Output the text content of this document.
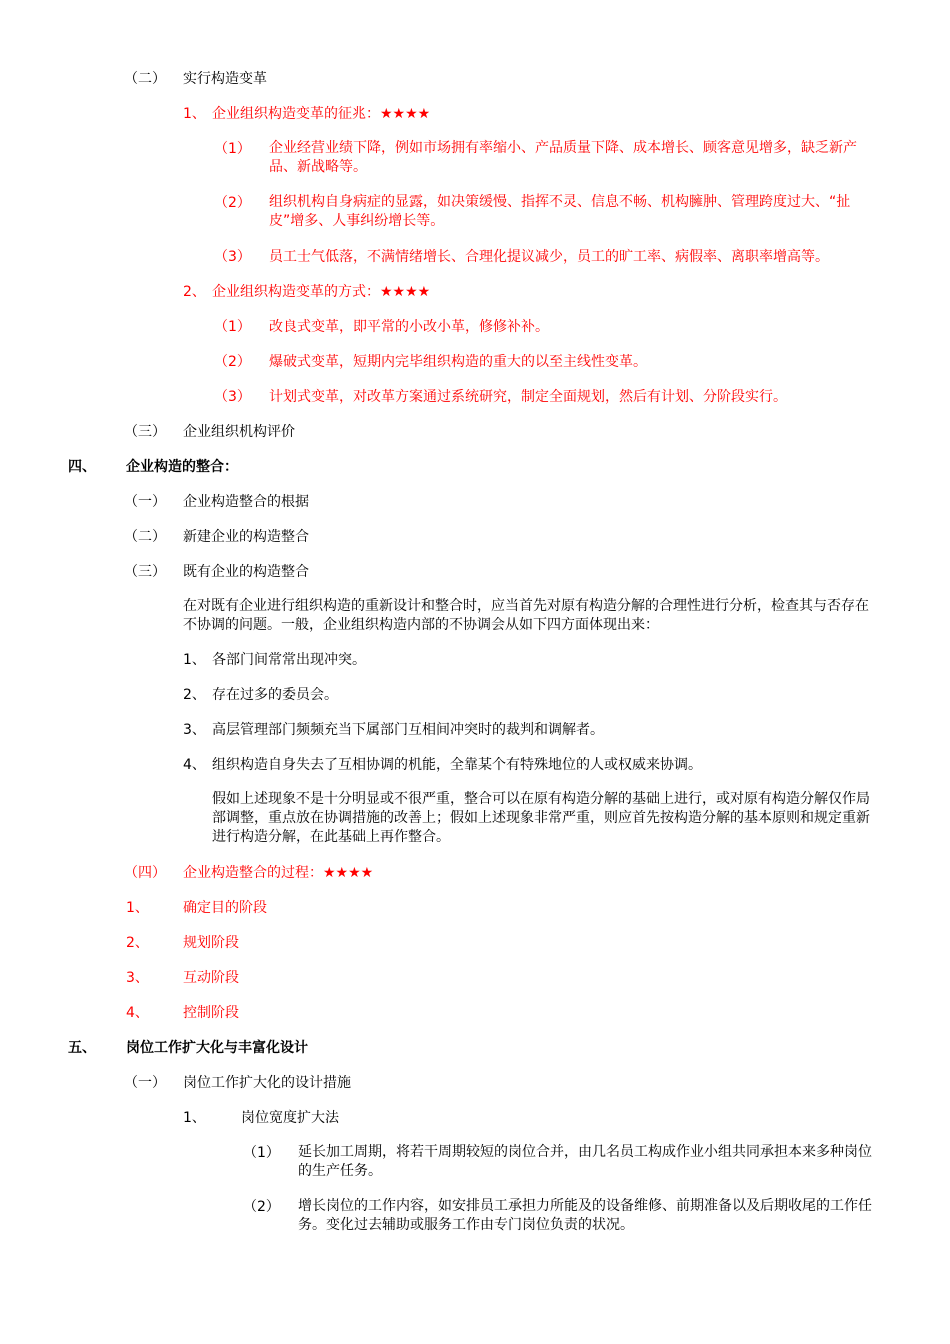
（二） 实行构造变革
1、 企业组织构造变革的征兆：★★★★
（1） 企业经营业绩下降，例如市场拥有率缩小、产品质量下降、成本增长、顾客意见增多，缺乏新产品、新战略等。
（2） 组织机构自身病症的显露，如决策缓慢、指挥不灵、信息不畅、机构臃肿、管理跨度过大、“扯皮”增多、人事纠纷增长等。
（3） 员工士气低落，不满情绪增长、合理化提议减少，员工的旷工率、病假率、离职率增高等。
2、 企业组织构造变革的方式：★★★★
（1） 改良式变革，即平常的小改小革，修修补补。
（2） 爆破式变革，短期内完毕组织构造的重大的以至主线性变革。
（3） 计划式变革，对改革方案通过系统研究，制定全面规划，然后有计划、分阶段实行。
（三） 企业组织机构评价
四、 企业构造的整合：
（一） 企业构造整合的根据
（二） 新建企业的构造整合
（三） 既有企业的构造整合
在对既有企业进行组织构造的重新设计和整合时，应当首先对原有构造分解的合理性进行分析，检查其与否存在不协调的问题。一般，企业组织构造内部的不协调会从如下四方面体现出来：
1、 各部门间常常出现冲突。
2、 存在过多的委员会。
3、 高层管理部门频频充当下属部门互相间冲突时的裁判和调解者。
4、 组织构造自身失去了互相协调的机能，全靠某个有特殊地位的人或权威来协调。
假如上述现象不是十分明显或不很严重，整合可以在原有构造分解的基础上进行，或对原有构造分解仅作局部调整，重点放在协调措施的改善上；假如上述现象非常严重，则应首先按构造分解的基本原则和规定重新进行构造分解，在此基础上再作整合。
（四） 企业构造整合的过程：★★★★
1、 确定目的阶段
2、 规划阶段
3、 互动阶段
4、 控制阶段
五、 岗位工作扩大化与丰富化设计
（一） 岗位工作扩大化的设计措施
1、	岗位宽度扩大法
（1） 延长加工周期，将若干周期较短的岗位合并，由几名员工构成作业小组共同承担本来多种岗位的生产任务。
（2） 增长岗位的工作内容，如安排员工承担力所能及的设备维修、前期准备以及后期收尾的工作任务。变化过去辅助或服务工作由专门岗位负责的状况。
